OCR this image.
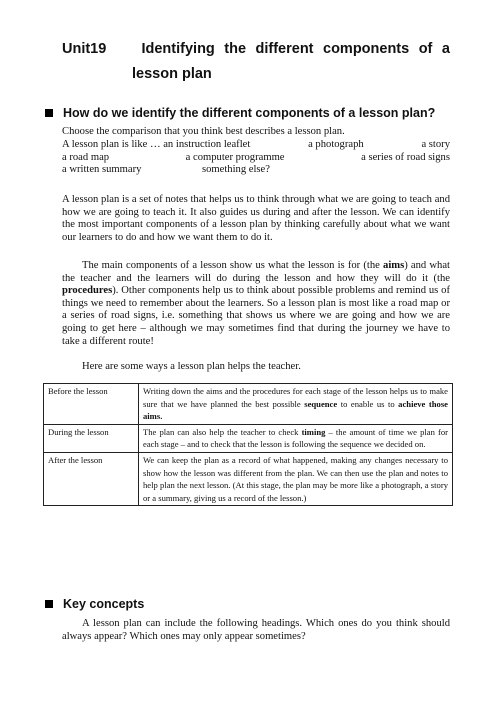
Unit19	Identifying the different components of a
lesson plan
How do we identify the different components of a lesson plan?
Choose the comparison that you think best describes a lesson plan.
A lesson plan is like … an instruction leaflet	a photograph	a story
a road map	a computer programme	a series of road signs
a written summary	something else?
A lesson plan is a set of notes that helps us to think through what we are going to teach and how we are going to teach it. It also guides us during and after the lesson. We can identify the most important components of a lesson plan by thinking carefully about what we want our learners to do and how we want them to do it.
The main components of a lesson show us what the lesson is for (the aims) and what the teacher and the learners will do during the lesson and how they will do it (the procedures). Other components help us to think about possible problems and remind us of things we need to remember about the learners. So a lesson plan is most like a road map or a series of road signs, i.e. something that shows us where we are going and how we are going to get here – although we may sometimes find that during the journey we have to take a different route!
Here are some ways a lesson plan helps the teacher.
Before the lesson	Writing down the aims and the procedures for each stage of the lesson helps us to make sure that we have planned the best possible sequence to enable us to achieve those aims.
During the lesson	The plan can also help the teacher to check timing – the amount of time we plan for each stage – and to check that the lesson is following the sequence we decided on.
After the lesson	We can keep the plan as a record of what happened, making any changes necessary to show how the lesson was different from the plan. We can then use the plan and notes to help plan the next lesson. (At this stage, the plan may be more like a photograph, a story or a summary, giving us a record of the lesson.)
Key concepts
A lesson plan can include the following headings. Which ones do you think should always appear? Which ones may only appear sometimes?
